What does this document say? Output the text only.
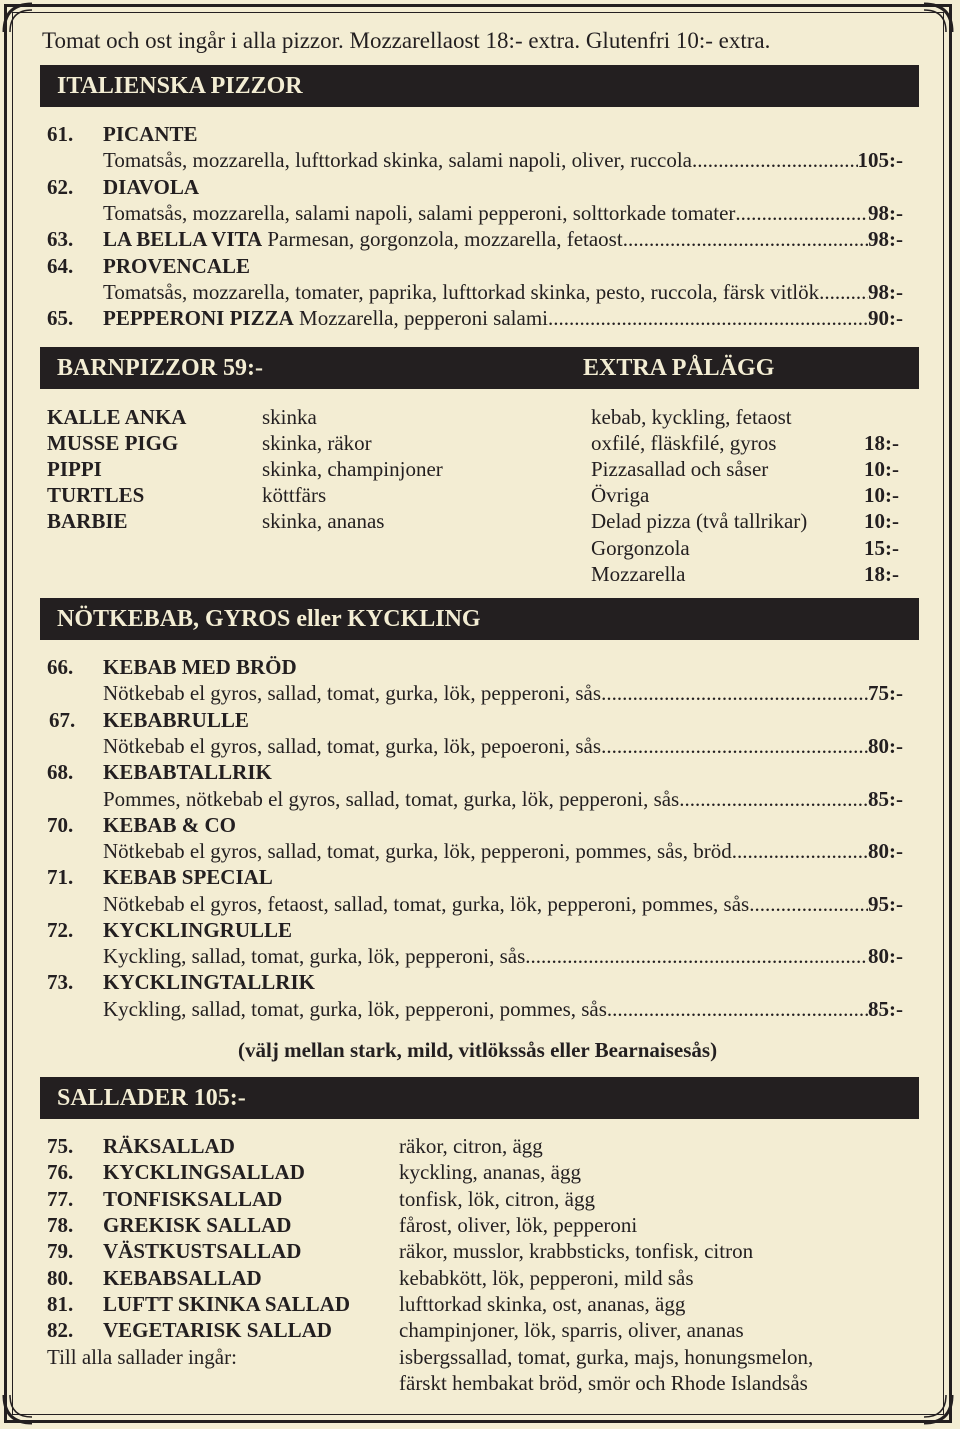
Tomat och ost ingår i alla pizzor. Mozzarellaost 18:- extra. Glutenfri 10:- extra.
ITALIENSKA PIZZOR
61. PICANTE
Tomatsås, mozzarella, lufttorkad skinka, salami napoli, oliver, ruccola .....	105:-
62. DIAVOLA
Tomatsås, mozzarella, salami napoli, salami pepperoni, solttorkade tomater .....	98:-
63. LA BELLA VITA
Parmesan, gorgonzola, mozzarella, fetaost .....	98:-
64. PROVENCALE
Tomatsås, mozzarella, tomater, paprika, lufttorkad skinka, pesto, ruccola, färsk vitlök ..... 98:-
65. PEPPERONI PIZZA
Mozzarella, pepperoni salami .....	90:-
BARNPIZZOR 59:-	EXTRA PÅLÄGG
KALLE ANKA	skinka
MUSSE PIGG	skinka, räkor
PIPPI	skinka, champinjoner
TURTLES	köttfärs
BARBIE	skinka, ananas
kebab, kyckling, fetaost
oxfilé, fläskfilé, gyros	18:-
Pizzasallad och såser	10:-
Övriga	10:-
Delad pizza (två tallrikar)	10:-
Gorgonzola	15:-
Mozzarella	18:-
NÖTKEBAB, GYROS eller KYCKLING
66. KEBAB MED BRÖD
Nötkebab el gyros, sallad, tomat, gurka, lök, pepperoni, sås .....	75:-
67. KEBABRULLE
Nötkebab el gyros, sallad, tomat, gurka, lök, pepoeroni, sås .....	80:-
68. KEBABTALLRIK
Pommes, nötkebab el gyros, sallad, tomat, gurka, lök, pepperoni, sås .....	85:-
70. KEBAB & CO
Nötkebab el gyros, sallad, tomat, gurka, lök, pepperoni, pommes, sås, bröd .....	80:-
71. KEBAB SPECIAL
Nötkebab el gyros, fetaost, sallad, tomat, gurka, lök, pepperoni, pommes, sås .....	95:-
72. KYCKLINGRULLE
Kyckling, sallad, tomat, gurka, lök, pepperoni, sås .....	80:-
73. KYCKLINGTALLRIK
Kyckling, sallad, tomat, gurka, lök, pepperoni, pommes, sås .....	85:-
(välj mellan stark, mild, vitlökssås eller Bearnaisesås)
SALLADER 105:-
75. RÄKSALLAD	räkor, citron, ägg
76. KYCKLINGSALLAD	kyckling, ananas, ägg
77. TONFISKSALLAD	tonfisk, lök, citron, ägg
78. GREKISK SALLAD	fårost, oliver, lök, pepperoni
79. VÄSTKUSTSALLAD	räkor, musslor, krabbsticks, tonfisk, citron
80. KEBABSALLAD	kebabkött, lök, pepperoni, mild sås
81. LUFTT SKINKA SALLAD lufttorkad skinka, ost, ananas, ägg
82. VEGETARISK SALLAD	champinjoner, lök, sparris, oliver, ananas
Till alla sallader ingår:	isbergssallad, tomat, gurka, majs, honungsmelon,
färskt hembakat bröd, smör och Rhode Islandsås
